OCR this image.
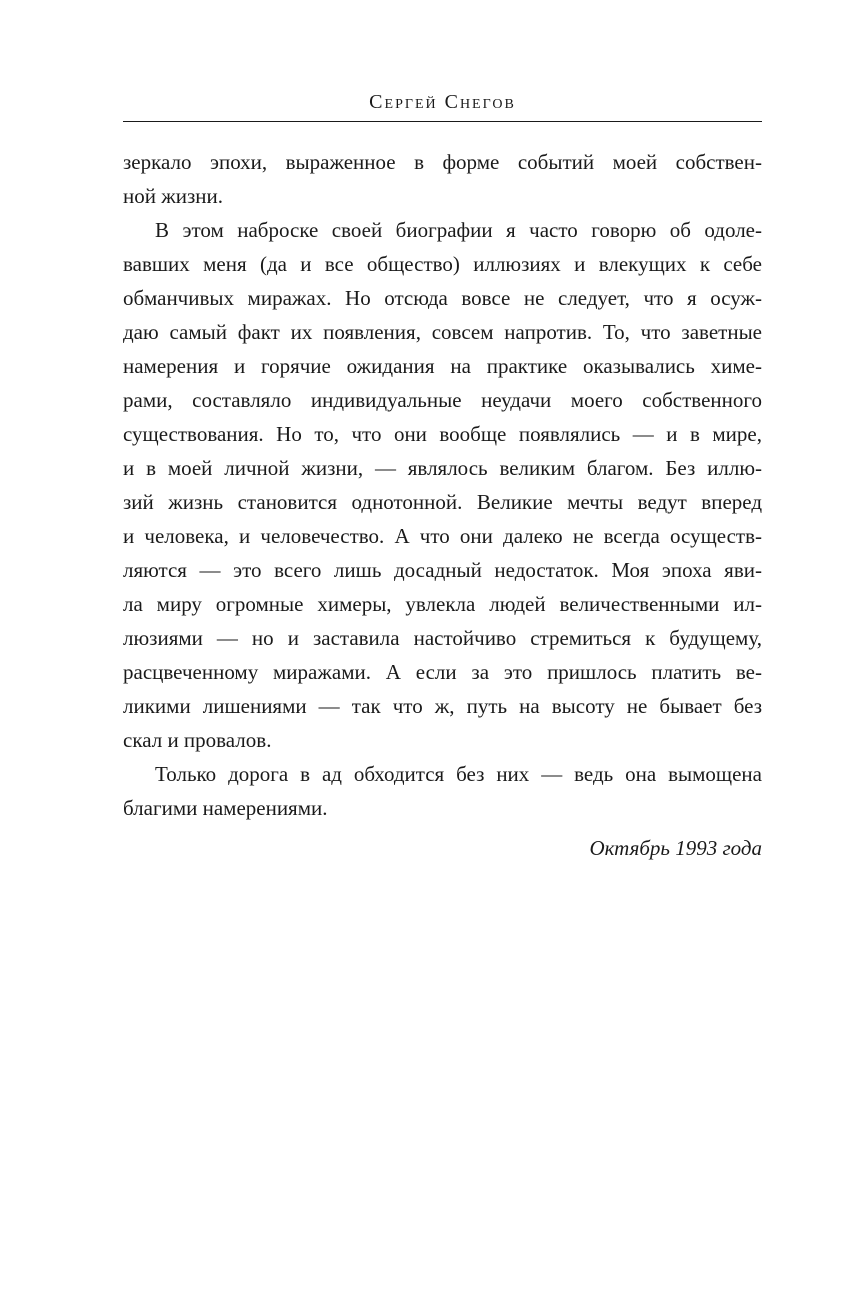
Сергей Снегов
зеркало эпохи, выраженное в форме событий моей собствен-
ной жизни.
В этом наброске своей биографии я часто говорю об одоле-
вавших меня (да и все общество) иллюзиях и влекущих к себе
обманчивых миражах. Но отсюда вовсе не следует, что я осуж-
даю самый факт их появления, совсем напротив. То, что заветные
намерения и горячие ожидания на практике оказывались химе-
рами, составляло индивидуальные неудачи моего собственного
существования. Но то, что они вообще появлялись — и в мире,
и в моей личной жизни, — являлось великим благом. Без иллю-
зий жизнь становится однотонной. Великие мечты ведут вперед
и человека, и человечество. А что они далеко не всегда осуществ-
ляются — это всего лишь досадный недостаток. Моя эпоха яви-
ла миру огромные химеры, увлекла людей величественными ил-
люзиями — но и заставила настойчиво стремиться к будущему,
расцвеченному миражами. А если за это пришлось платить ве-
ликими лишениями — так что ж, путь на высоту не бывает без
скал и провалов.
Только дорога в ад обходится без них — ведь она вымощена
благими намерениями.
Октябрь 1993 года
